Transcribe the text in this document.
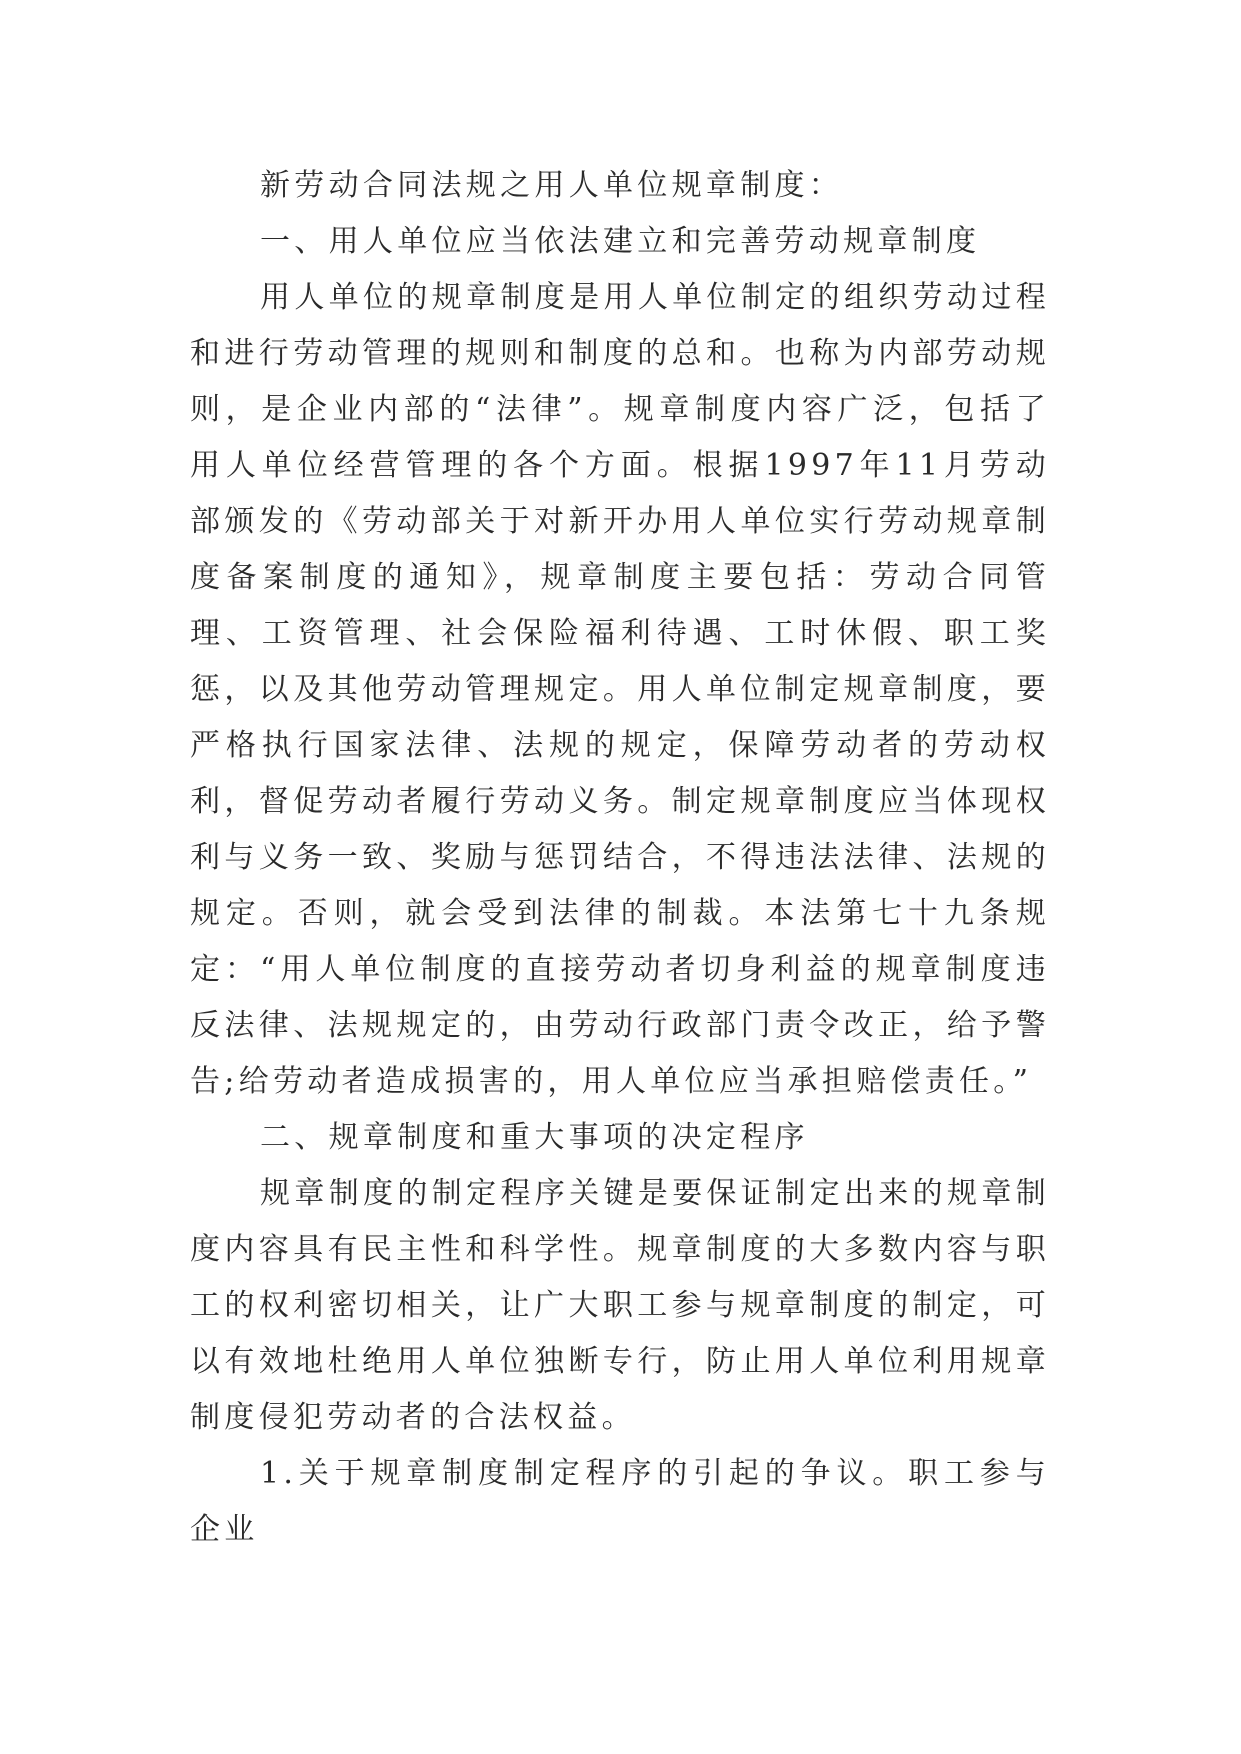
新劳动合同法规之用人单位规章制度：

一、用人单位应当依法建立和完善劳动规章制度

用人单位的规章制度是用人单位制定的组织劳动过程和进行劳动管理的规则和制度的总和。也称为内部劳动规则，是企业内部的“法律”。规章制度内容广泛，包括了用人单位经营管理的各个方面。根据1997年11月劳动部颁发的《劳动部关于对新开办用人单位实行劳动规章制度备案制度的通知》，规章制度主要包括：劳动合同管理、工资管理、社会保险福利待遇、工时休假、职工奖惩，以及其他劳动管理规定。用人单位制定规章制度，要严格执行国家法律、法规的规定，保障劳动者的劳动权利，督促劳动者履行劳动义务。制定规章制度应当体现权利与义务一致、奖励与惩罚结合，不得违法法律、法规的规定。否则，就会受到法律的制裁。本法第七十九条规定：“用人单位制度的直接劳动者切身利益的规章制度违反法律、法规规定的，由劳动行政部门责令改正，给予警告;给劳动者造成损害的，用人单位应当承担赔偿责任。”

二、规章制度和重大事项的决定程序

规章制度的制定程序关键是要保证制定出来的规章制度内容具有民主性和科学性。规章制度的大多数内容与职工的权利密切相关，让广大职工参与规章制度的制定，可以有效地杜绝用人单位独断专行，防止用人单位利用规章制度侵犯劳动者的合法权益。

1.关于规章制度制定程序的引起的争议。职工参与企业
